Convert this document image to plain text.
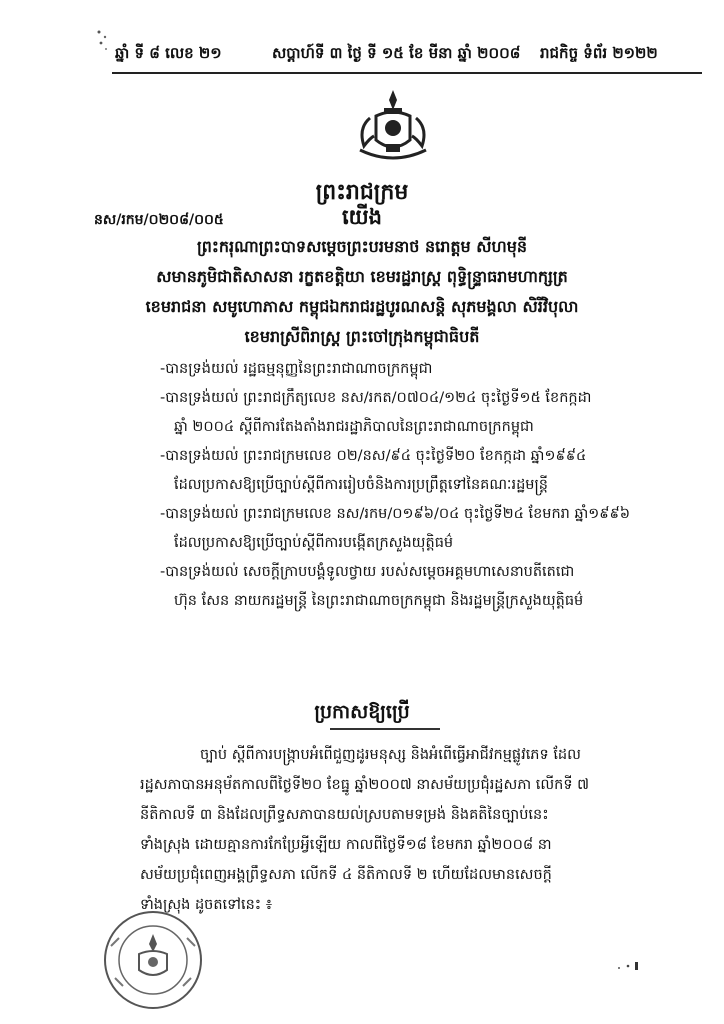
ឆ្នាំ ទី ៨ លេខ ២១	សប្តាហ៍ទី ៣ ថ្ងៃ ទី ១៥ ខែ មីនា ឆ្នាំ ២០០៨ រាជកិច្ច ទំព័រ ២១២២
ព្រះរាជក្រម
នស/រកម/០២០៨/០០៥	យើង
ព្រះករុណាព្រះបាទសម្តេចព្រះបរមនាថ នរោត្តម សីហមុនី
សមានភូមិជាតិសាសនា រក្ខតខត្តិយា ខេមរដ្ឋរាស្ត្រ ពុទ្ធិន្ទ្រាធរាមហាក្សត្រ
ខេមរាជនា សមូហោភាស កម្ពុជឯករាជរដ្ឋបូរណសន្តិ សុភមង្គលា សិរីវិបុលា
ខេមរាស្រីពិរាស្ត្រ ព្រះចៅក្រុងកម្ពុជាធិបតី
-បានទ្រង់យល់ រដ្ឋធម្មនុញ្ញនៃព្រះរាជាណាចក្រកម្ពុជា
-បានទ្រង់យល់ ព្រះរាជក្រឹត្យលេខ នស/រកត/០៧០៤/១២៤ ចុះថ្ងៃទី១៥ ខែកក្កដា
ឆ្នាំ ២០០៤ ស្តីពីការតែងតាំងរាជរដ្ឋាភិបាលនៃព្រះរាជាណាចក្រកម្ពុជា
-បានទ្រង់យល់ ព្រះរាជក្រមលេខ ០២/នស/៩៤ ចុះថ្ងៃទី២០ ខែកក្កដា ឆ្នាំ១៩៩៤
ដែលប្រកាសឱ្យប្រើច្បាប់ស្តីពីការរៀបចំនិងការប្រព្រឹត្តទៅនៃគណៈរដ្ឋមន្ត្រី
-បានទ្រង់យល់ ព្រះរាជក្រមលេខ នស/រកម/០១៩៦/០៤ ចុះថ្ងៃទី២៤ ខែមករា ឆ្នាំ១៩៩៦
ដែលប្រកាសឱ្យប្រើច្បាប់ស្តីពីការបង្កើតក្រសួងយុត្តិធម៌
-បានទ្រង់យល់ សេចក្តីក្រាបបង្គំទូលថ្វាយ របស់សម្តេចអគ្គមហាសេនាបតីតេជោ
ហ៊ុន សែន នាយករដ្ឋមន្ត្រី នៃព្រះរាជាណាចក្រកម្ពុជា និងរដ្ឋមន្ត្រីក្រសួងយុត្តិធម៌
ប្រកាសឱ្យប្រើ
ច្បាប់ ស្តីពីការបង្ក្រាបអំពើជួញដូរមនុស្ស និងអំពើធ្វើអាជីវកម្មផ្លូវភេទ ដែល
រដ្ឋសភាបានអនុម័តកាលពីថ្ងៃទី២០ ខែធ្នូ ឆ្នាំ២០០៧ នាសម័យប្រជុំរដ្ឋសភា លើកទី ៧
នីតិកាលទី ៣ និងដែលព្រឹទ្ធសភាបានយល់ស្របតាមទម្រង់ និងគតិនៃច្បាប់នេះ
ទាំងស្រុង ដោយគ្មានការកែប្រែអ្វីឡើយ កាលពីថ្ងៃទី១៨ ខែមករា ឆ្នាំ២០០៨ នា
សម័យប្រជុំពេញអង្គព្រឹទ្ធសភា លើកទី ៤ នីតិកាលទី ២ ហើយដែលមានសេចក្តី
ទាំងស្រុង ដូចតទៅនេះ ៖
